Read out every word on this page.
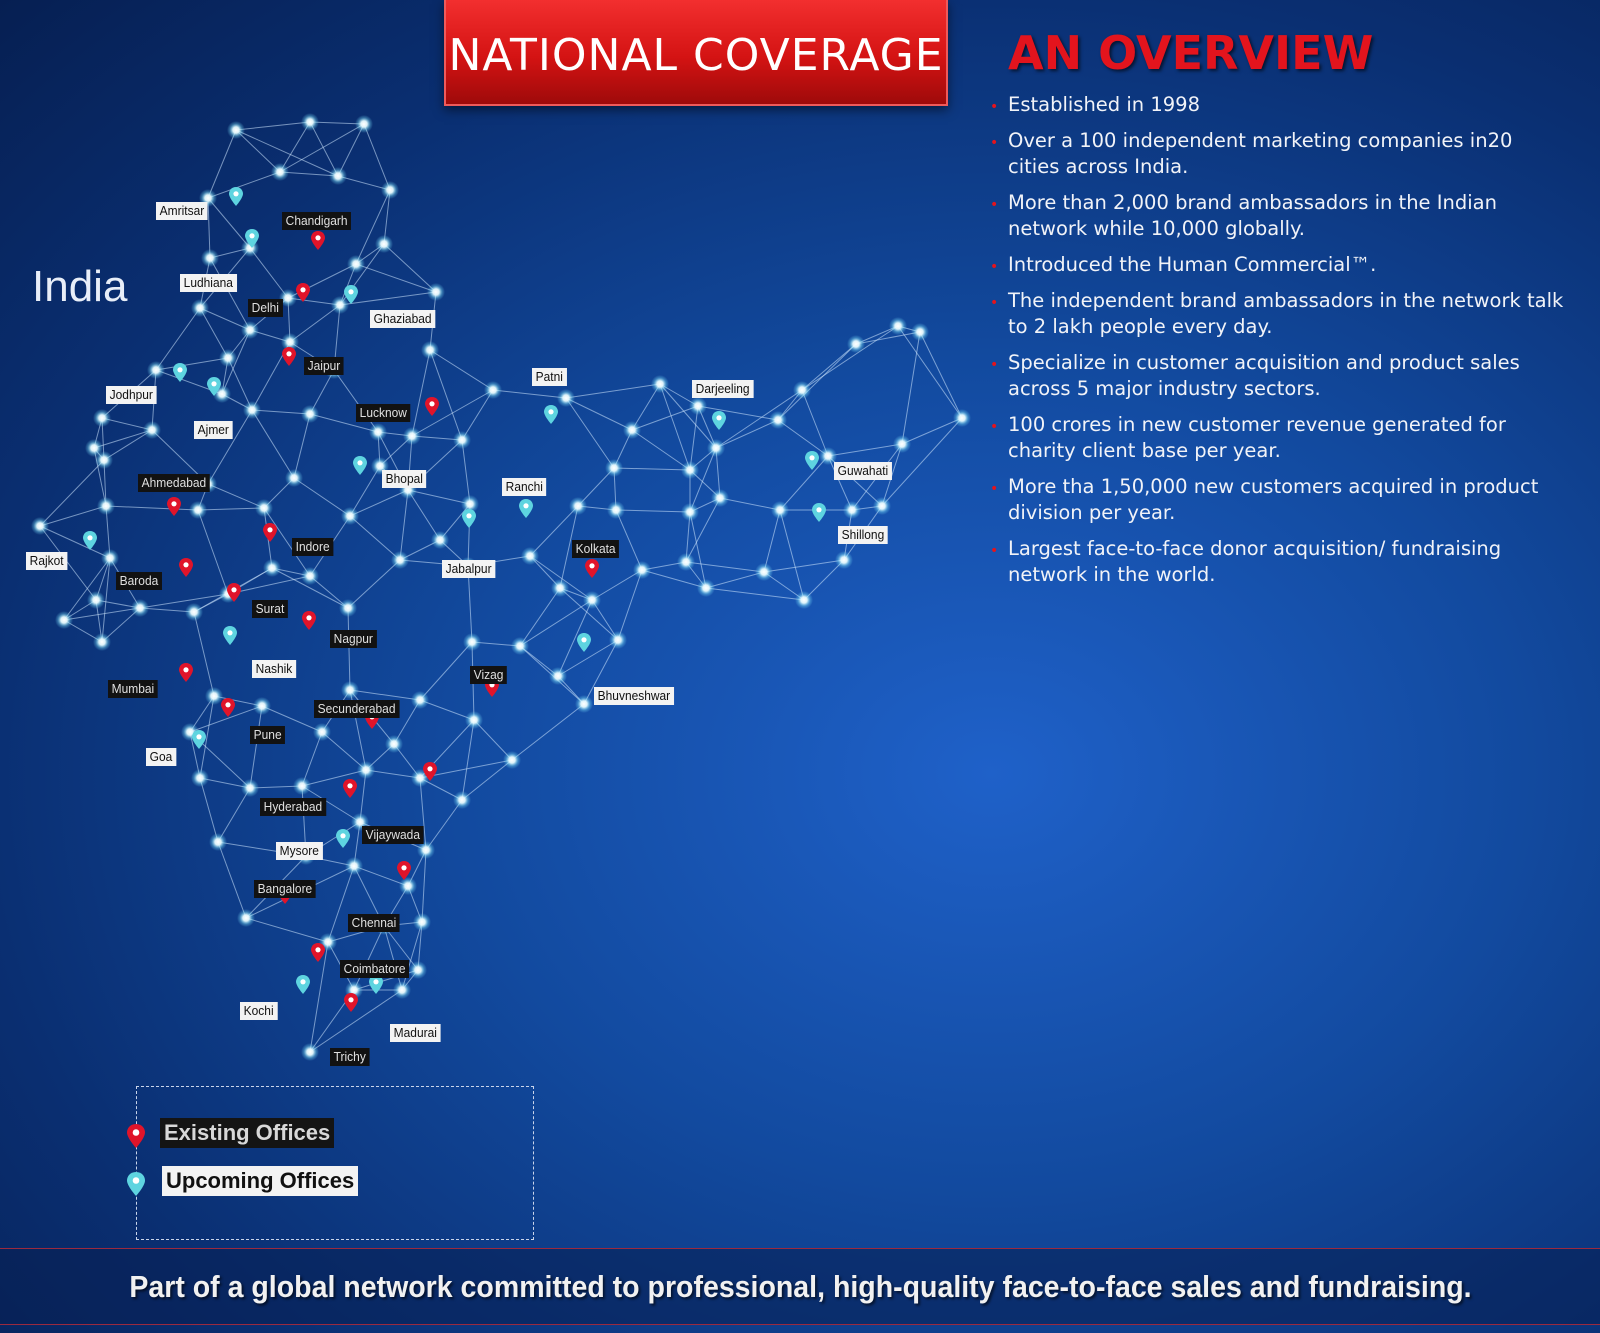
India
Amritsar
Chandigarh
Ludhiana
Delhi
Ghaziabad
Jaipur
Jodhpur
Ajmer
Lucknow
Patni
Darjeeling
Ahmedabad	Bhopal
Ranchi
Guwahati
Shillong
Rajkot
Baroda
Indore
Jabalpur
Kolkata
Surat
Nagpur
Nashik	Vizag
Bhuvneshwar
Mumbai
Secunderabad
Pune
Goa
Hyderabad
Vijaywada
Mysore
Bangalore
Chennai
Coimbatore
Kochi
Madurai
Trichy
NATIONAL COVERAGE AN OVERVIEW
• Established in 1998
• Over a 100 independent marketing companies in20 cities across India.
• More than 2,000 brand ambassadors in the Indian network while 10,000 globally.
• Introduced the Human Commercial™.
• The independent brand ambassadors in the network talk to 2 lakh people every day.
• Specialize in customer acquisition and product sales across 5 major industry sectors.
• 100 crores in new customer revenue generated for charity client base per year.
• More tha 1,50,000 new customers acquired in product division per year.
• Largest face-to-face donor acquisition/ fundraising network in the world.
Existing Offices
Upcoming Offices
Part of a global network committed to professional, high-quality face-to-face sales and fundraising.
